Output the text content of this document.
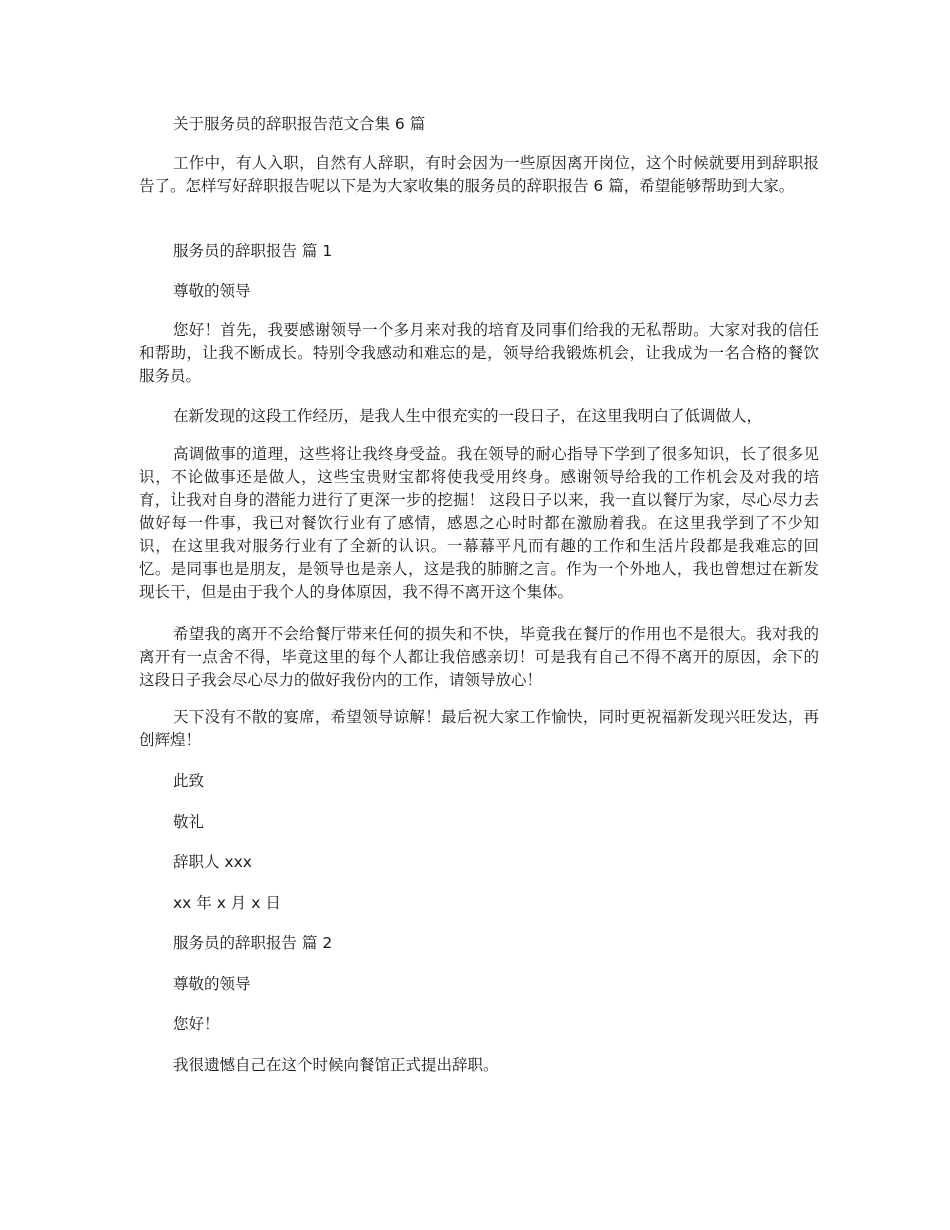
关于服务员的辞职报告范文合集 6 篇

工作中，有人入职，自然有人辞职，有时会因为一些原因离开岗位，这个时候就要用到辞职报告了。怎样写好辞职报告呢以下是为大家收集的服务员的辞职报告 6 篇，希望能够帮助到大家。

服务员的辞职报告 篇 1

尊敬的领导

您好！首先，我要感谢领导一个多月来对我的培育及同事们给我的无私帮助。大家对我的信任和帮助，让我不断成长。特别令我感动和难忘的是，领导给我锻炼机会，让我成为一名合格的餐饮服务员。

在新发现的这段工作经历，是我人生中很充实的一段日子，在这里我明白了低调做人，

高调做事的道理，这些将让我终身受益。我在领导的耐心指导下学到了很多知识，长了很多见识，不论做事还是做人，这些宝贵财宝都将使我受用终身。感谢领导给我的工作机会及对我的培育，让我对自身的潜能力进行了更深一步的挖掘！ 这段日子以来，我一直以餐厅为家，尽心尽力去做好每一件事，我已对餐饮行业有了感情，感恩之心时时都在激励着我。在这里我学到了不少知识，在这里我对服务行业有了全新的认识。一幕幕平凡而有趣的工作和生活片段都是我难忘的回忆。是同事也是朋友，是领导也是亲人，这是我的肺腑之言。作为一个外地人，我也曾想过在新发现长干，但是由于我个人的身体原因，我不得不离开这个集体。

希望我的离开不会给餐厅带来任何的损失和不快，毕竟我在餐厅的作用也不是很大。我对我的离开有一点舍不得，毕竟这里的每个人都让我倍感亲切！可是我有自己不得不离开的原因，余下的这段日子我会尽心尽力的做好我份内的工作，请领导放心！

天下没有不散的宴席，希望领导谅解！最后祝大家工作愉快，同时更祝福新发现兴旺发达，再创辉煌！

此致

敬礼

辞职人 xxx

xx 年 x 月 x 日

服务员的辞职报告 篇 2

尊敬的领导

您好！

我很遗憾自己在这个时候向餐馆正式提出辞职。
